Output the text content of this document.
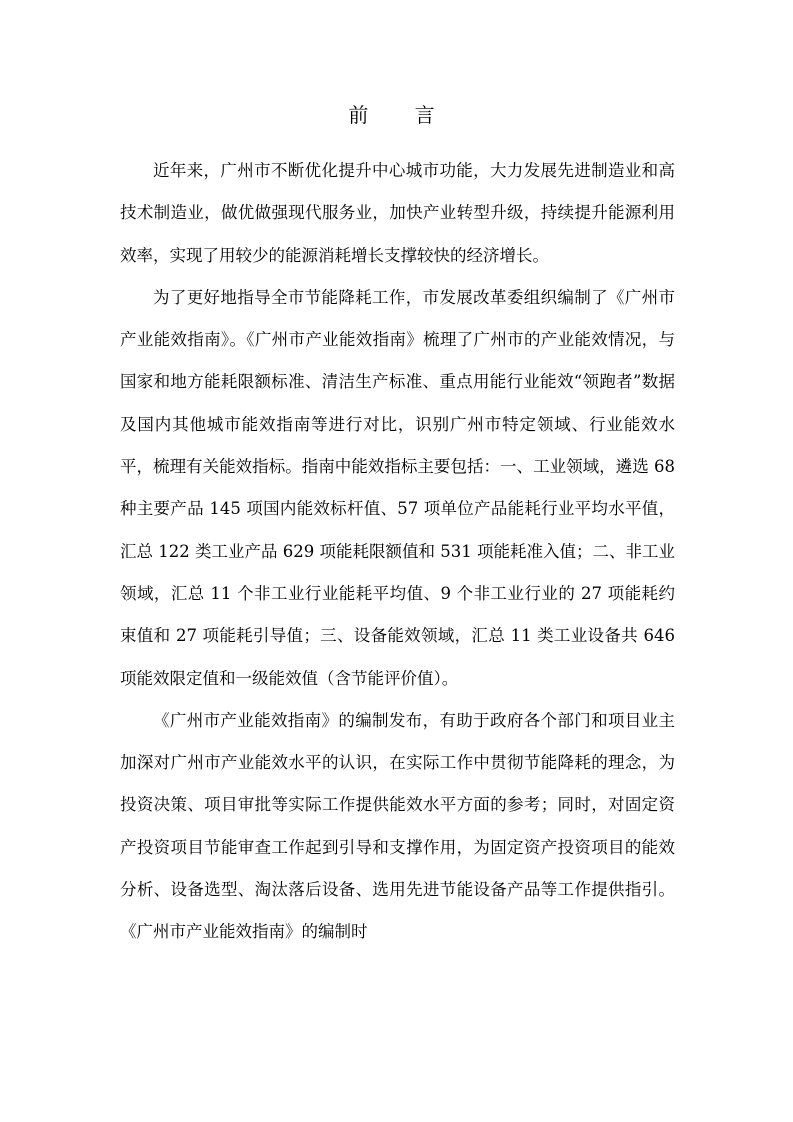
前 言

近年来，广州市不断优化提升中心城市功能，大力发展先进制造业和高技术制造业，做优做强现代服务业，加快产业转型升级，持续提升能源利用效率，实现了用较少的能源消耗增长支撑较快的经济增长。

为了更好地指导全市节能降耗工作，市发展改革委组织编制了《广州市产业能效指南》。《广州市产业能效指南》梳理了广州市的产业能效情况，与国家和地方能耗限额标准、清洁生产标准、重点用能行业能效“领跑者”数据及国内其他城市能效指南等进行对比，识别广州市特定领域、行业能效水平，梳理有关能效指标。指南中能效指标主要包括：一、工业领域，遴选 68 种主要产品 145 项国内能效标杆值、57 项单位产品能耗行业平均水平值，汇总 122 类工业产品 629 项能耗限额值和 531 项能耗准入值；二、非工业领域，汇总 11 个非工业行业能耗平均值、9 个非工业行业的 27 项能耗约束值和 27 项能耗引导值；三、设备能效领域，汇总 11 类工业设备共 646 项能效限定值和一级能效值（含节能评价值）。

《广州市产业能效指南》的编制发布，有助于政府各个部门和项目业主加深对广州市产业能效水平的认识，在实际工作中贯彻节能降耗的理念，为投资决策、项目审批等实际工作提供能效水平方面的参考；同时，对固定资产投资项目节能审查工作起到引导和支撑作用，为固定资产投资项目的能效分析、设备选型、淘汰落后设备、选用先进节能设备产品等工作提供指引。《广州市产业能效指南》的编制时
